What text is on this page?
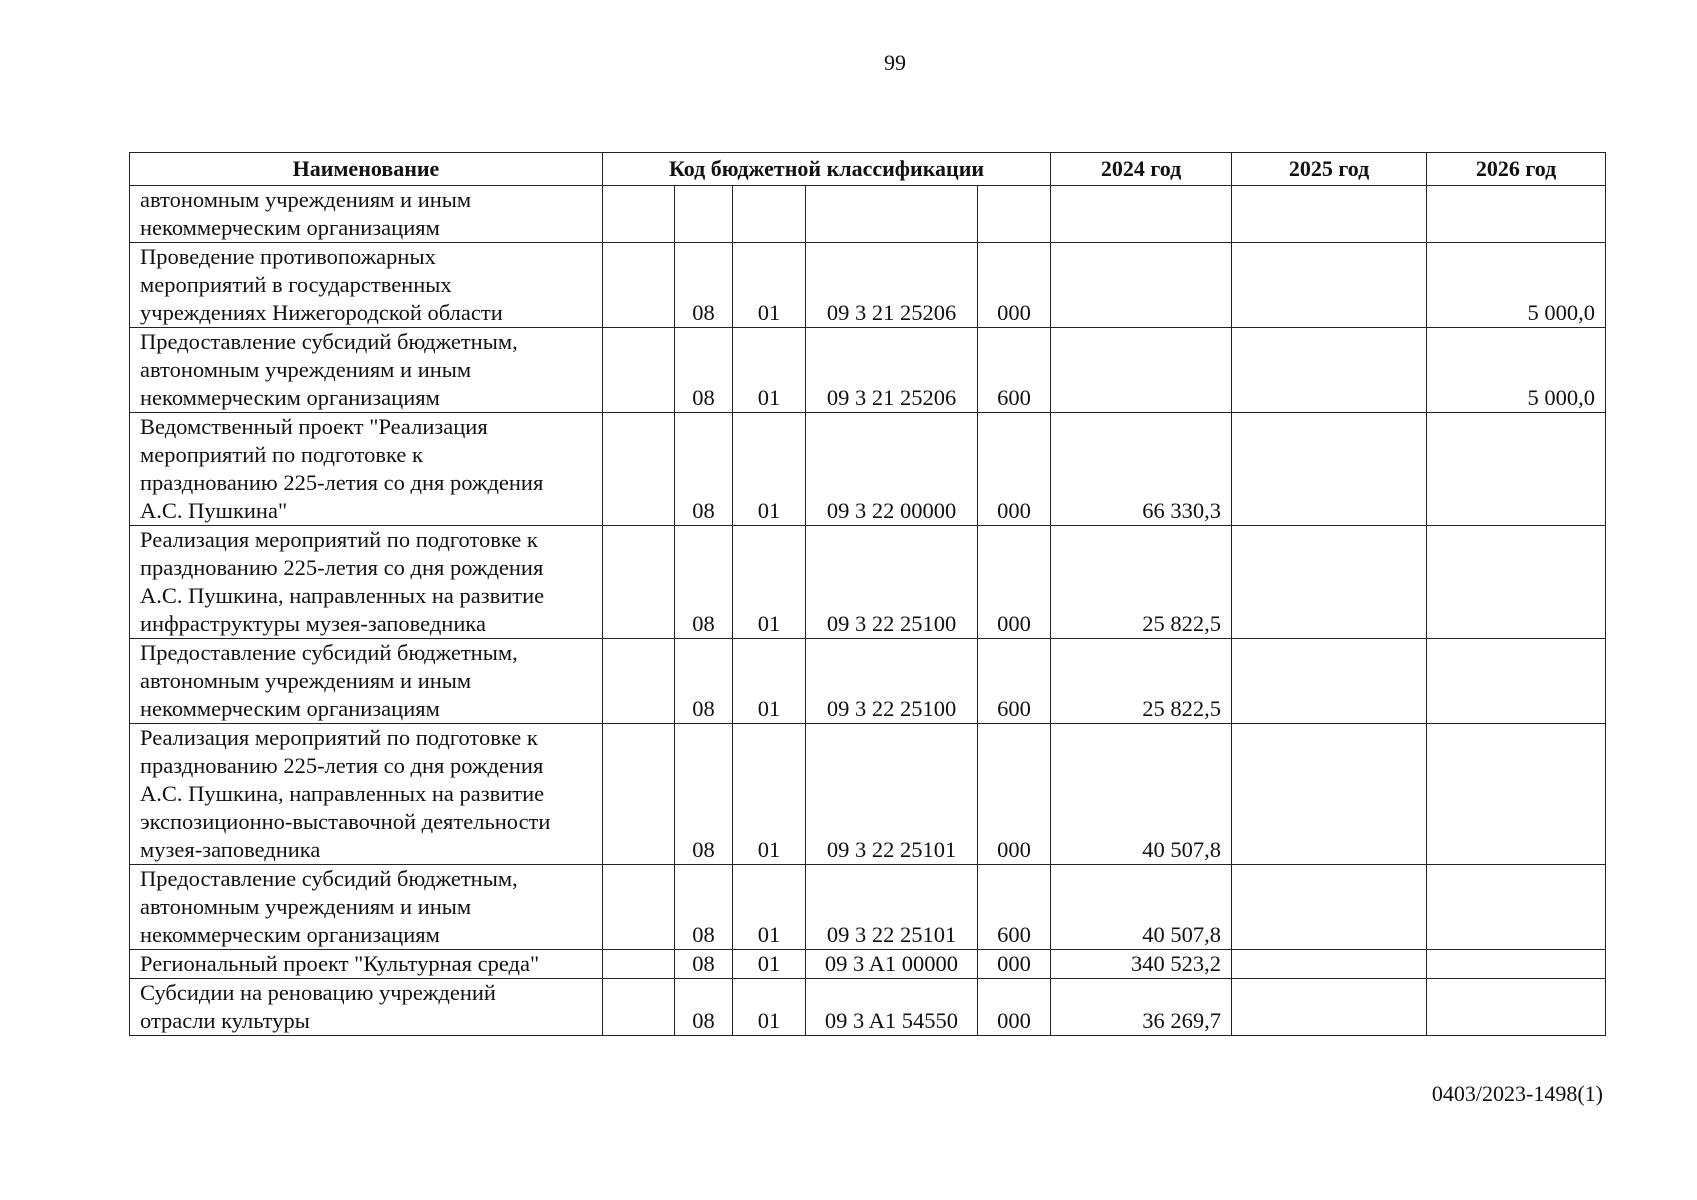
99
Наименование	Код бюджетной классификации					2024 год	2025 год	2026 год
автономным учреждениям и иным
некоммерческим организациям								
Проведение противопожарных
мероприятий в государственных
учреждениях Нижегородской области		08	01	09 3 21 25206	000			5 000,0
Предоставление субсидий бюджетным,
автономным учреждениям и иным
некоммерческим организациям		08	01	09 3 21 25206	600			5 000,0
Ведомственный проект "Реализация
мероприятий по подготовке к
празднованию 225-летия со дня рождения
А.С. Пушкина"		08	01	09 3 22 00000	000	66 330,3		
Реализация мероприятий по подготовке к
празднованию 225-летия со дня рождения
А.С. Пушкина, направленных на развитие
инфраструктуры музея-заповедника		08	01	09 3 22 25100	000	25 822,5		
Предоставление субсидий бюджетным,
автономным учреждениям и иным
некоммерческим организациям		08	01	09 3 22 25100	600	25 822,5		
Реализация мероприятий по подготовке к
празднованию 225-летия со дня рождения
А.С. Пушкина, направленных на развитие
экспозиционно-выставочной деятельности
музея-заповедника		08	01	09 3 22 25101	000	40 507,8		
Предоставление субсидий бюджетным,
автономным учреждениям и иным
некоммерческим организациям		08	01	09 3 22 25101	600	40 507,8		
Региональный проект "Культурная среда"		08	01	09 3 A1 00000	000	340 523,2		
Субсидии на реновацию учреждений
отрасли культуры		08	01	09 3 A1 54550	000	36 269,7		
0403/2023-1498(1)
